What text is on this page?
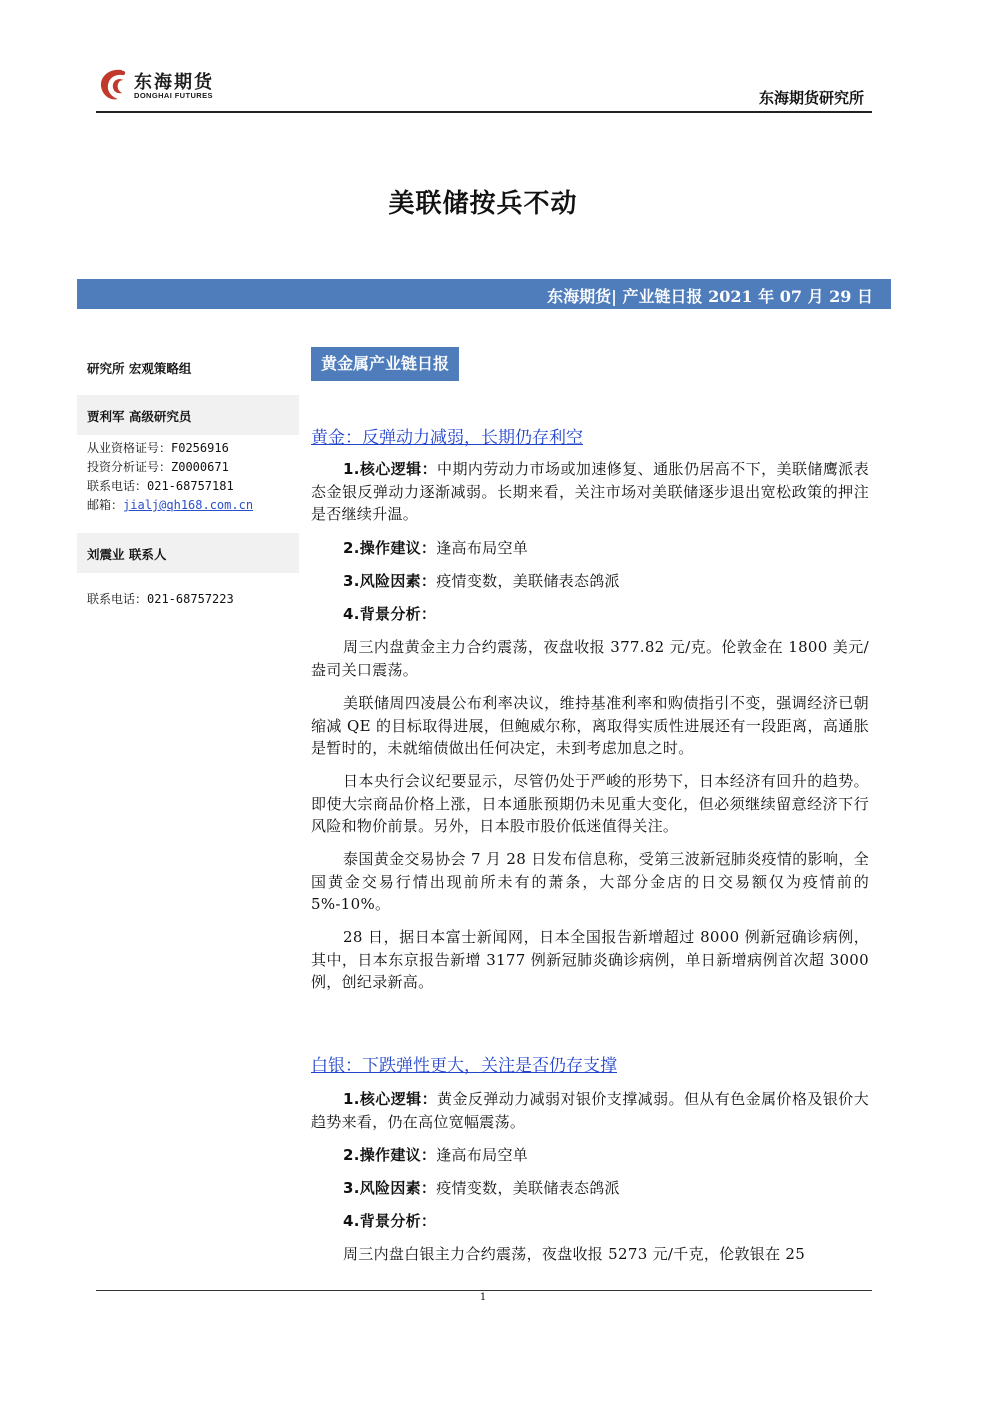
东海期货
DONGHAI FUTURES	东海期货研究所
美联储按兵不动
东海期货| 产业链日报 2021 年 07 月 29 日
研究所 宏观策略组
贾利军 高级研究员
从业资格证号：F0256916
投资分析证号：Z0000671
联系电话：021-68757181
邮箱：jialj@qh168.com.cn
刘震业 联系人
联系电话：021-68757223
黄金属产业链日报
黄金：反弹动力减弱，长期仍存利空
1.核心逻辑：中期内劳动力市场或加速修复、通胀仍居高不下，美联储鹰派表态金银反弹动力逐渐减弱。长期来看，关注市场对美联储逐步退出宽松政策的押注是否继续升温。
2.操作建议：逢高布局空单
3.风险因素：疫情变数，美联储表态鸽派
4.背景分析：
周三内盘黄金主力合约震荡，夜盘收报 377.82 元/克。伦敦金在 1800 美元/盎司关口震荡。
美联储周四凌晨公布利率决议，维持基准利率和购债指引不变，强调经济已朝缩减 QE 的目标取得进展，但鲍威尔称，离取得实质性进展还有一段距离，高通胀是暂时的，未就缩债做出任何决定，未到考虑加息之时。
日本央行会议纪要显示，尽管仍处于严峻的形势下，日本经济有回升的趋势。即使大宗商品价格上涨，日本通胀预期仍未见重大变化，但必须继续留意经济下行风险和物价前景。另外，日本股市股价低迷值得关注。
泰国黄金交易协会 7 月 28 日发布信息称，受第三波新冠肺炎疫情的影响，全国黄金交易行情出现前所未有的萧条，大部分金店的日交易额仅为疫情前的 5%-10%。
28 日，据日本富士新闻网，日本全国报告新增超过 8000 例新冠确诊病例，其中，日本东京报告新增 3177 例新冠肺炎确诊病例，单日新增病例首次超 3000 例，创纪录新高。
白银：下跌弹性更大，关注是否仍存支撑
1.核心逻辑：黄金反弹动力减弱对银价支撑减弱。但从有色金属价格及银价大趋势来看，仍在高位宽幅震荡。
2.操作建议：逢高布局空单
3.风险因素：疫情变数，美联储表态鸽派
4.背景分析：
周三内盘白银主力合约震荡，夜盘收报 5273 元/千克，伦敦银在 25
1
